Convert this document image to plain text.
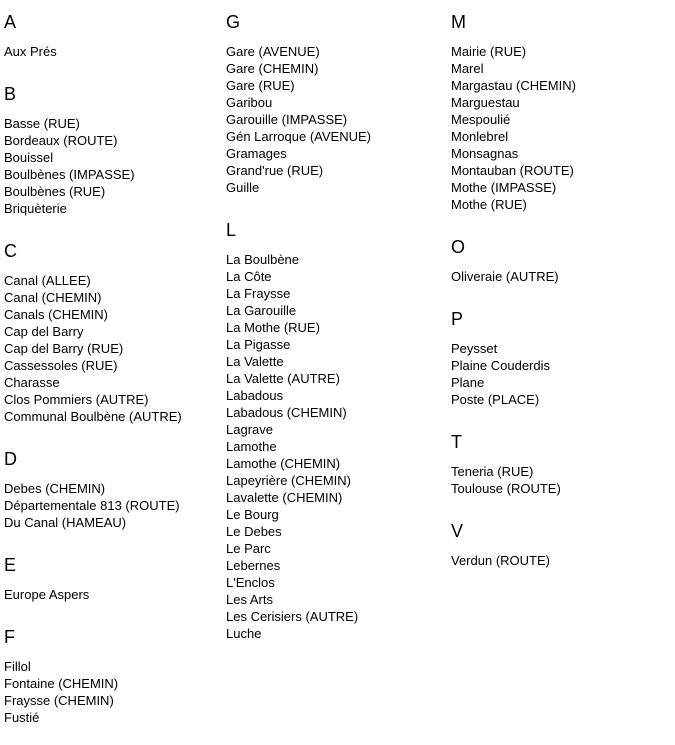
A
Aux Prés
B
Basse (RUE)
Bordeaux (ROUTE)
Bouissel
Boulbènes (IMPASSE)
Boulbènes (RUE)
Briquèterie
C
Canal (ALLEE)
Canal (CHEMIN)
Canals (CHEMIN)
Cap del Barry
Cap del Barry (RUE)
Cassessoles (RUE)
Charasse
Clos Pommiers (AUTRE)
Communal Boulbène (AUTRE)
D
Debes (CHEMIN)
Départementale 813 (ROUTE)
Du Canal (HAMEAU)
E
Europe Aspers
F
Fillol
Fontaine (CHEMIN)
Fraysse (CHEMIN)
Fustié
G
Gare (AVENUE)
Gare (CHEMIN)
Gare (RUE)
Garibou
Garouille (IMPASSE)
Gén Larroque (AVENUE)
Gramages
Grand'rue (RUE)
Guille
L
La Boulbène
La Côte
La Fraysse
La Garouille
La Mothe (RUE)
La Pigasse
La Valette
La Valette (AUTRE)
Labadous
Labadous (CHEMIN)
Lagrave
Lamothe
Lamothe (CHEMIN)
Lapeyrière (CHEMIN)
Lavalette (CHEMIN)
Le Bourg
Le Debes
Le Parc
Lebernes
L'Enclos
Les Arts
Les Cerisiers (AUTRE)
Luche
M
Mairie (RUE)
Marel
Margastau (CHEMIN)
Marguestau
Mespoulié
Monlebrel
Monsagnas
Montauban (ROUTE)
Mothe (IMPASSE)
Mothe (RUE)
O
Oliveraie (AUTRE)
P
Peysset
Plaine Couderdis
Plane
Poste (PLACE)
T
Teneria (RUE)
Toulouse (ROUTE)
V
Verdun (ROUTE)
